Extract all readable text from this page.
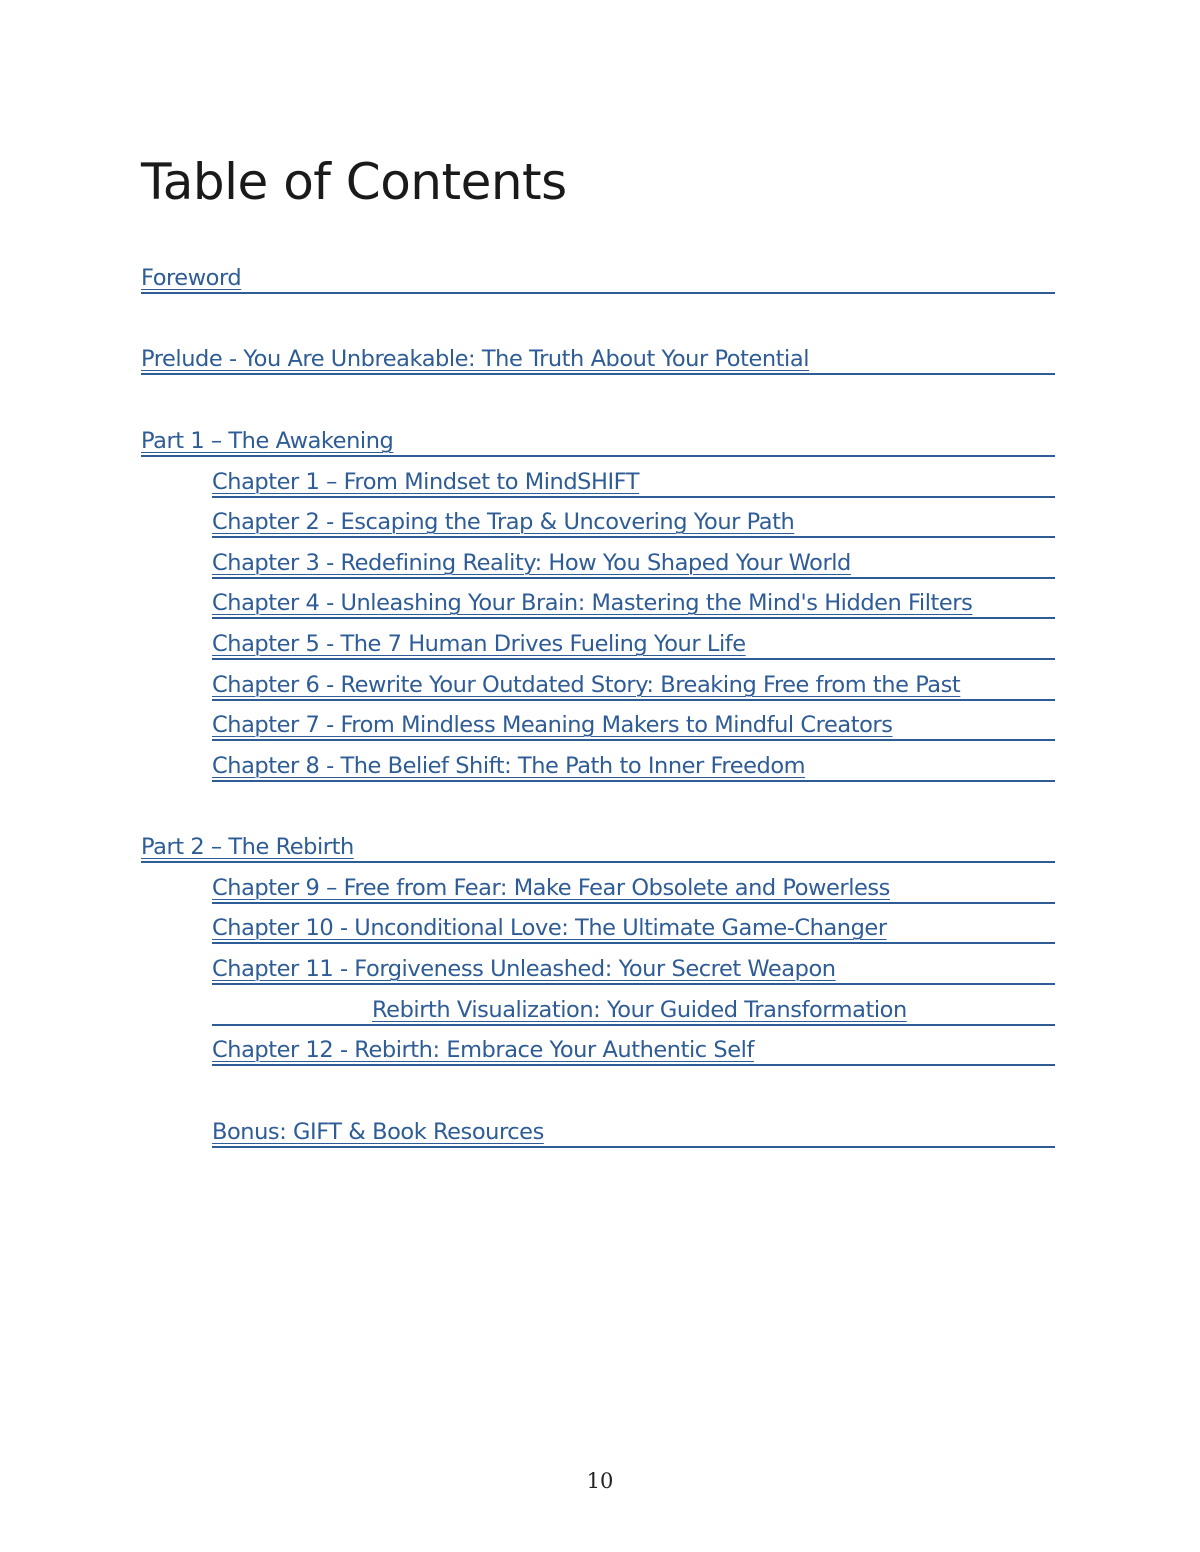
Table of Contents
Foreword
Prelude - You Are Unbreakable: The Truth About Your Potential
Part 1 – The Awakening
Chapter 1 – From Mindset to MindSHIFT
Chapter 2 - Escaping the Trap & Uncovering Your Path
Chapter 3 - Redefining Reality: How You Shaped Your World
Chapter 4 - Unleashing Your Brain: Mastering the Mind's Hidden Filters
Chapter 5 - The 7 Human Drives Fueling Your Life
Chapter 6 - Rewrite Your Outdated Story: Breaking Free from the Past
Chapter 7 - From Mindless Meaning Makers to Mindful Creators
Chapter 8 - The Belief Shift: The Path to Inner Freedom
Part 2 – The Rebirth
Chapter 9 – Free from Fear: Make Fear Obsolete and Powerless
Chapter 10 - Unconditional Love: The Ultimate Game-Changer
Chapter 11 - Forgiveness Unleashed: Your Secret Weapon
Rebirth Visualization: Your Guided Transformation
Chapter 12 - Rebirth: Embrace Your Authentic Self
Bonus: GIFT & Book Resources
10
